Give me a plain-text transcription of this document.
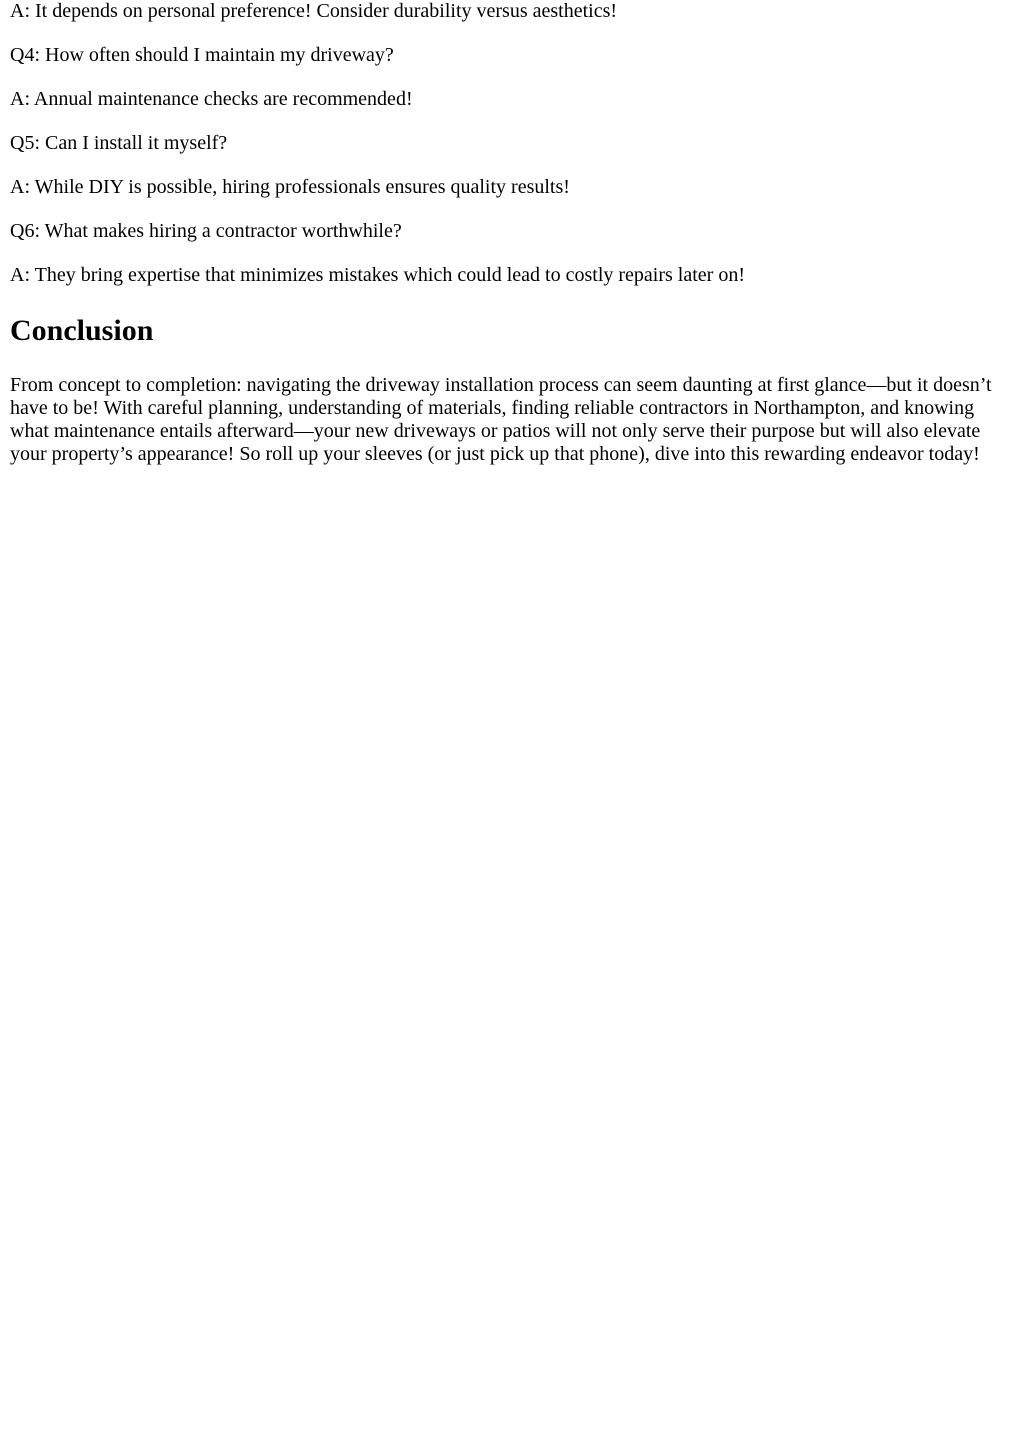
A: It depends on personal preference! Consider durability versus aesthetics!

Q4: How often should I maintain my driveway?

A: Annual maintenance checks are recommended!

Q5: Can I install it myself?

A: While DIY is possible, hiring professionals ensures quality results!

Q6: What makes hiring a contractor worthwhile?

A: They bring expertise that minimizes mistakes which could lead to costly repairs later on!

Conclusion

From concept to completion: navigating the driveway installation process can seem daunting at first glance—but it doesn’t have to be! With careful planning, understanding of materials, finding reliable contractors in Northampton, and knowing what maintenance entails afterward—your new driveways or patios will not only serve their purpose but will also elevate your property’s appearance! So roll up your sleeves (or just pick up that phone), dive into this rewarding endeavor today!
